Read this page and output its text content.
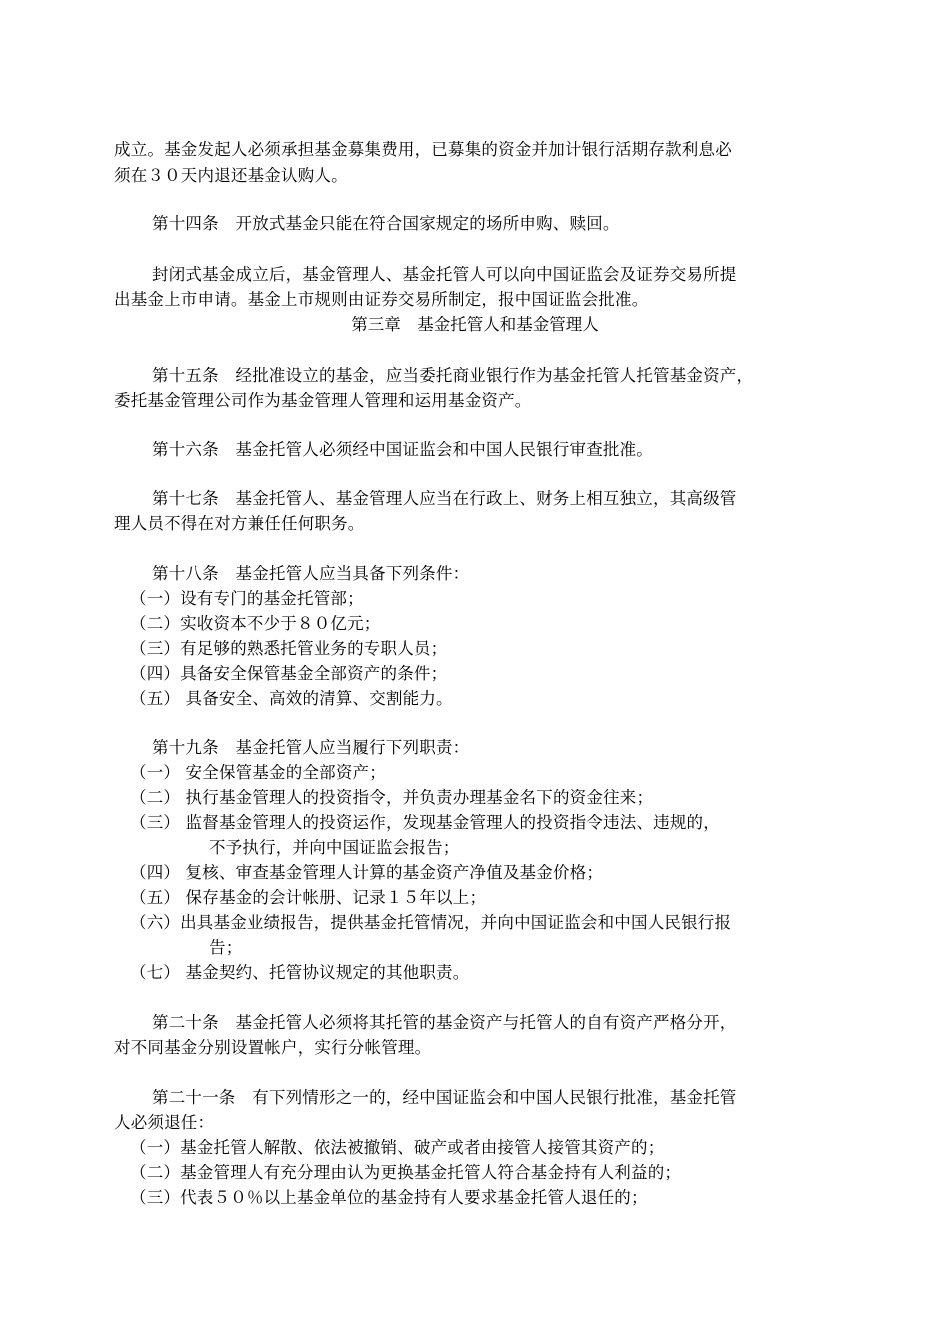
成立。基金发起人必须承担基金募集费用，已募集的资金并加计银行活期存款利息必
须在３０天内退还基金认购人。
第十四条　开放式基金只能在符合国家规定的场所申购、赎回。
封闭式基金成立后，基金管理人、基金托管人可以向中国证监会及证券交易所提
出基金上市申请。基金上市规则由证券交易所制定，报中国证监会批准。
第三章　基金托管人和基金管理人
第十五条　经批准设立的基金，应当委托商业银行作为基金托管人托管基金资产，
委托基金管理公司作为基金管理人管理和运用基金资产。
第十六条　基金托管人必须经中国证监会和中国人民银行审查批准。
第十七条　基金托管人、基金管理人应当在行政上、财务上相互独立，其高级管
理人员不得在对方兼任任何职务。
第十八条　基金托管人应当具备下列条件：
（一）设有专门的基金托管部；
（二）实收资本不少于８０亿元；
（三）有足够的熟悉托管业务的专职人员；
（四）具备安全保管基金全部资产的条件；
（五） 具备安全、高效的清算、交割能力。
第十九条　基金托管人应当履行下列职责：
（一） 安全保管基金的全部资产；
（二） 执行基金管理人的投资指令，并负责办理基金名下的资金往来；
（三） 监督基金管理人的投资运作，发现基金管理人的投资指令违法、违规的，
不予执行，并向中国证监会报告；
（四） 复核、审查基金管理人计算的基金资产净值及基金价格；
（五） 保存基金的会计帐册、记录１５年以上；
（六）出具基金业绩报告，提供基金托管情况，并向中国证监会和中国人民银行报
告；
（七） 基金契约、托管协议规定的其他职责。
第二十条　基金托管人必须将其托管的基金资产与托管人的自有资产严格分开，
对不同基金分别设置帐户，实行分帐管理。
第二十一条　有下列情形之一的，经中国证监会和中国人民银行批准，基金托管
人必须退任：
（一）基金托管人解散、依法被撤销、破产或者由接管人接管其资产的；
（二）基金管理人有充分理由认为更换基金托管人符合基金持有人利益的；
（三）代表５０％以上基金单位的基金持有人要求基金托管人退任的；
